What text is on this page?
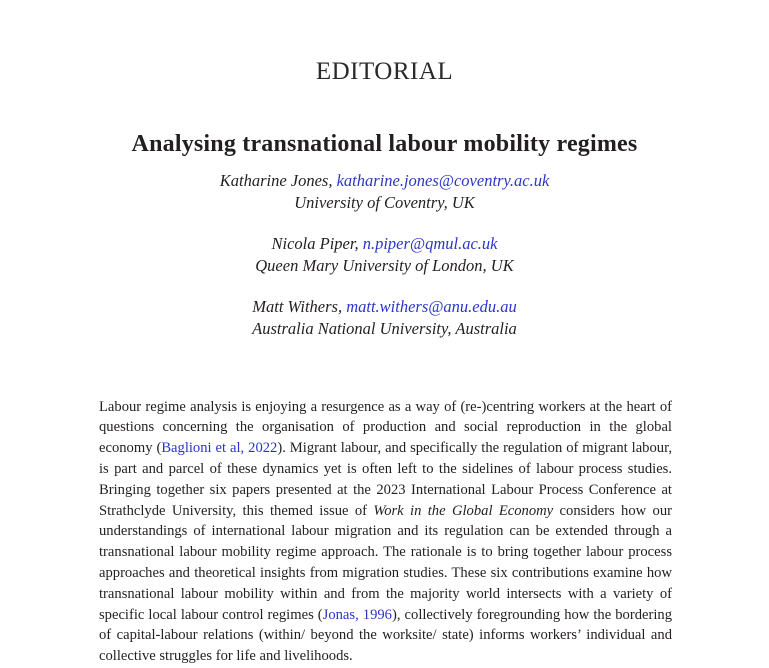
EDITORIAL
Analysing transnational labour mobility regimes
Katharine Jones, katharine.jones@coventry.ac.uk
University of Coventry, UK
Nicola Piper, n.piper@qmul.ac.uk
Queen Mary University of London, UK
Matt Withers, matt.withers@anu.edu.au
Australia National University, Australia

Labour regime analysis is enjoying a resurgence as a way of (re-)centring workers at the heart of questions concerning the organisation of production and social reproduction in the global economy (Baglioni et al, 2022). Migrant labour, and specifically the regulation of migrant labour, is part and parcel of these dynamics yet is often left to the sidelines of labour process studies. Bringing together six papers presented at the 2023 International Labour Process Conference at Strathclyde University, this themed issue of Work in the Global Economy considers how our understandings of international labour migration and its regulation can be extended through a transnational labour mobility regime approach. The rationale is to bring together labour process approaches and theoretical insights from migration studies. These six contributions examine how transnational labour mobility within and from the majority world intersects with a variety of specific local labour control regimes (Jonas, 1996), collectively foregrounding how the bordering of capital-labour relations (within/ beyond the worksite/ state) informs workers’ individual and collective struggles for life and livelihoods.
